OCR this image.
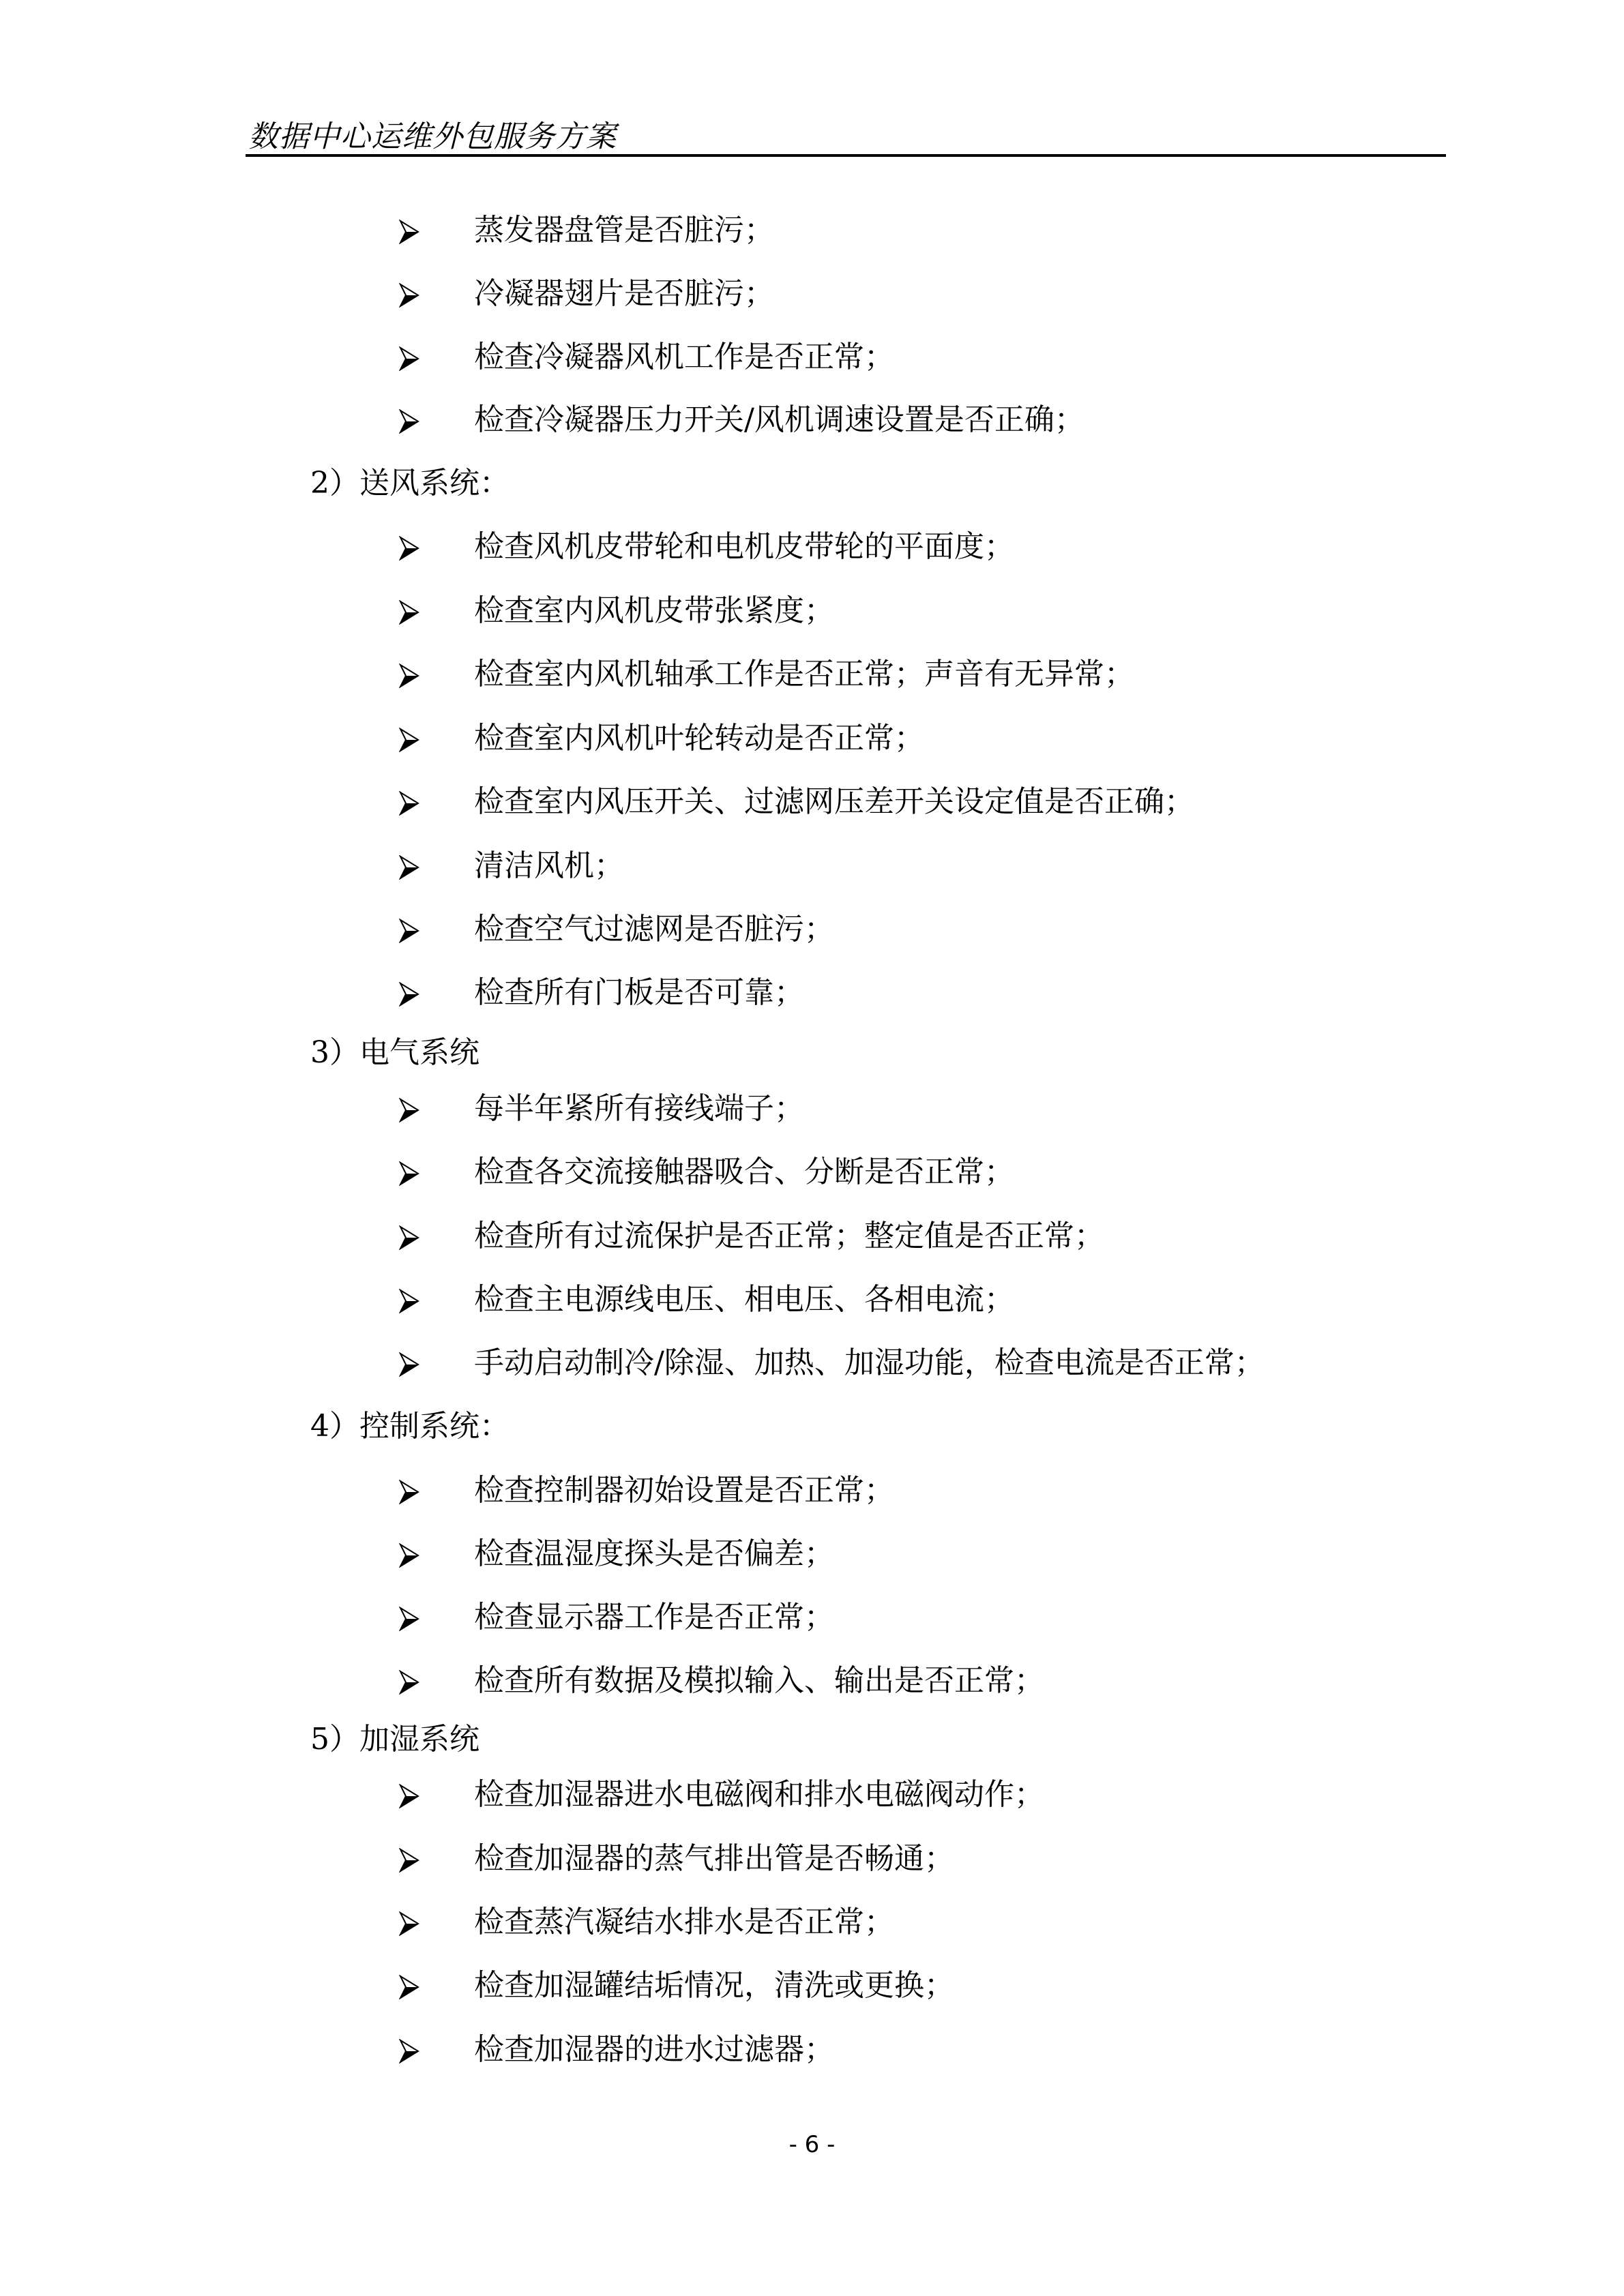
数据中心运维外包服务方案
蒸发器盘管是否脏污；
冷凝器翅片是否脏污；
检查冷凝器风机工作是否正常；
检查冷凝器压力开关/风机调速设置是否正确；
2）送风系统：
检查风机皮带轮和电机皮带轮的平面度；
检查室内风机皮带张紧度；
检查室内风机轴承工作是否正常；声音有无异常；
检查室内风机叶轮转动是否正常；
检查室内风压开关、过滤网压差开关设定值是否正确；
清洁风机；
检查空气过滤网是否脏污；
检查所有门板是否可靠；
3）电气系统
每半年紧所有接线端子；
检查各交流接触器吸合、分断是否正常；
检查所有过流保护是否正常；整定值是否正常；
检查主电源线电压、相电压、各相电流；
手动启动制冷/除湿、加热、加湿功能，检查电流是否正常；
4）控制系统：
检查控制器初始设置是否正常；
检查温湿度探头是否偏差；
检查显示器工作是否正常；
检查所有数据及模拟输入、输出是否正常；
5）加湿系统
检查加湿器进水电磁阀和排水电磁阀动作；
检查加湿器的蒸气排出管是否畅通；
检查蒸汽凝结水排水是否正常；
检查加湿罐结垢情况，清洗或更换；
检查加湿器的进水过滤器；
- 6 -
